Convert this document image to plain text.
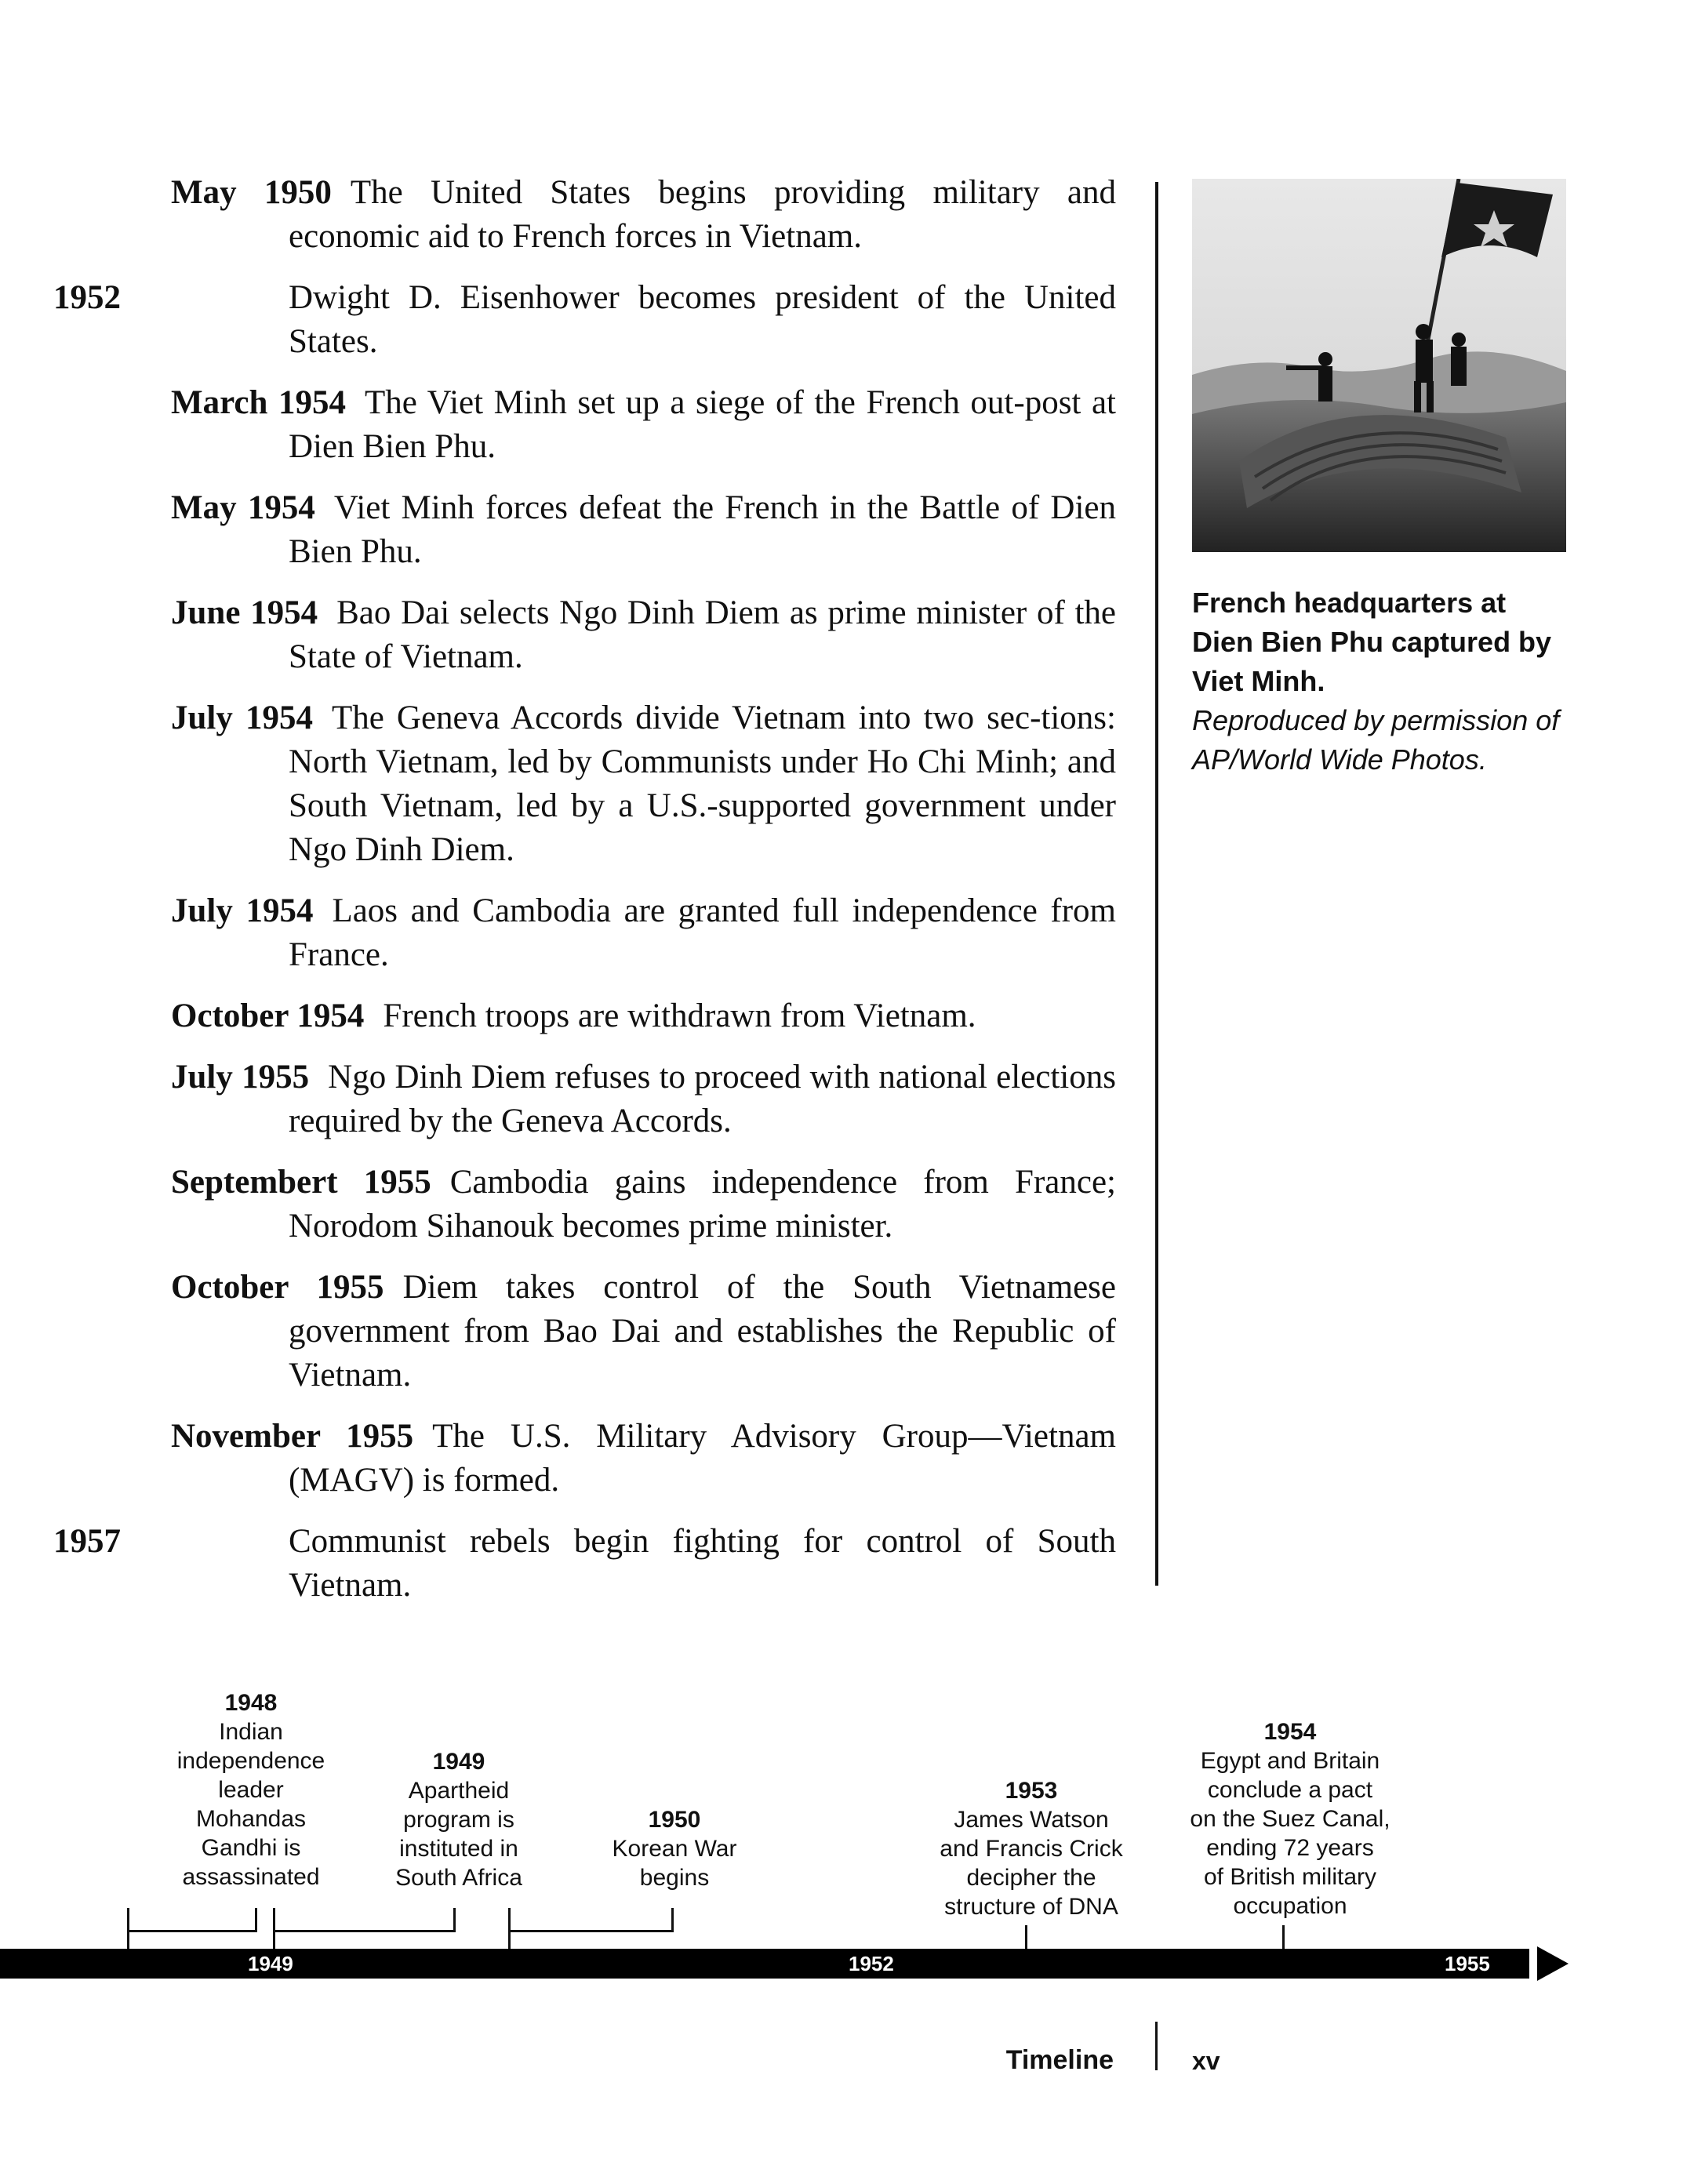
May 1950 The United States begins providing military and economic aid to French forces in Vietnam.
1952	Dwight D. Eisenhower becomes president of the United States.
March 1954 The Viet Minh set up a siege of the French out-post at Dien Bien Phu.
May 1954 Viet Minh forces defeat the French in the Battle of Dien Bien Phu.
June 1954 Bao Dai selects Ngo Dinh Diem as prime minister of the State of Vietnam.
July 1954 The Geneva Accords divide Vietnam into two sec-tions: North Vietnam, led by Communists under Ho Chi Minh; and South Vietnam, led by a U.S.-supported government under Ngo Dinh Diem.
July 1954 Laos and Cambodia are granted full independence from France.
October 1954 French troops are withdrawn from Vietnam.
July 1955 Ngo Dinh Diem refuses to proceed with national elections required by the Geneva Accords.
Septembert 1955 Cambodia gains independence from France; Norodom Sihanouk becomes prime minister.
October 1955 Diem takes control of the South Vietnamese government from Bao Dai and establishes the Republic of Vietnam.
November 1955 The U.S. Military Advisory Group—Vietnam (MAGV) is formed.
1957	Communist rebels begin fighting for control of South Vietnam.
French headquarters at Dien Bien Phu captured by Viet Minh.
Reproduced by permission of AP/World Wide Photos.
1948
Indian
independence
leader
Mohandas
Gandhi is
assassinated
1949
Apartheid
program is
instituted in
South Africa
1950
Korean War
begins
1953
James Watson
and Francis Crick
decipher the
structure of DNA
1954
Egypt and Britain
conclude a pact
on the Suez Canal,
ending 72 years
of British military
occupation
1949	1952	1955
Timeline	xv
